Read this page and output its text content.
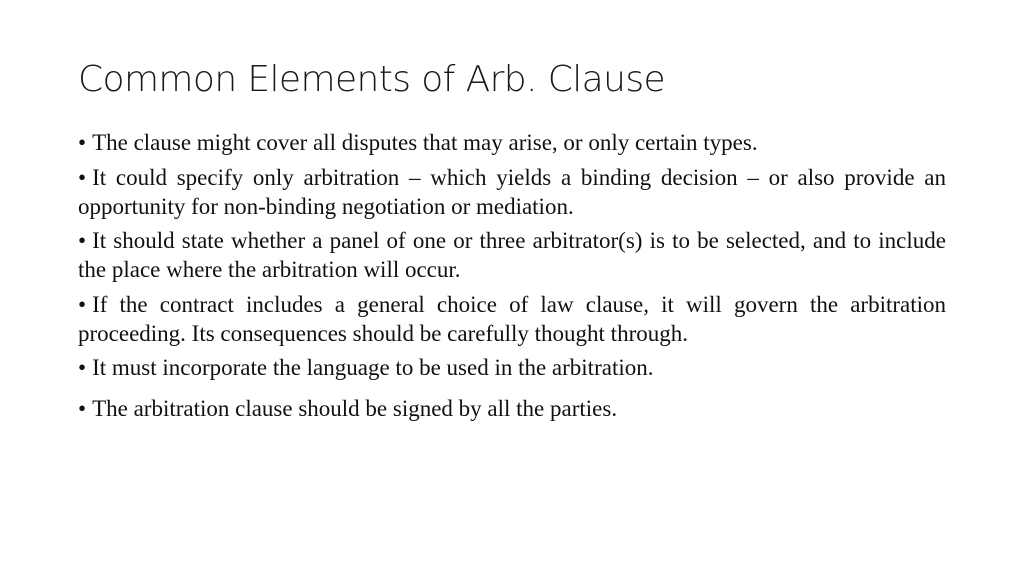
Common Elements of Arb. Clause
• The clause might cover all disputes that may arise, or only certain types.
• It could specify only arbitration – which yields a binding decision – or also provide an opportunity for non-binding negotiation or mediation.
• It should state whether a panel of one or three arbitrator(s) is to be selected, and to include the place where the arbitration will occur.
• If the contract includes a general choice of law clause, it will govern the arbitration proceeding. Its consequences should be carefully thought through.
• It must incorporate the language to be used in the arbitration.
• The arbitration clause should be signed by all the parties.
